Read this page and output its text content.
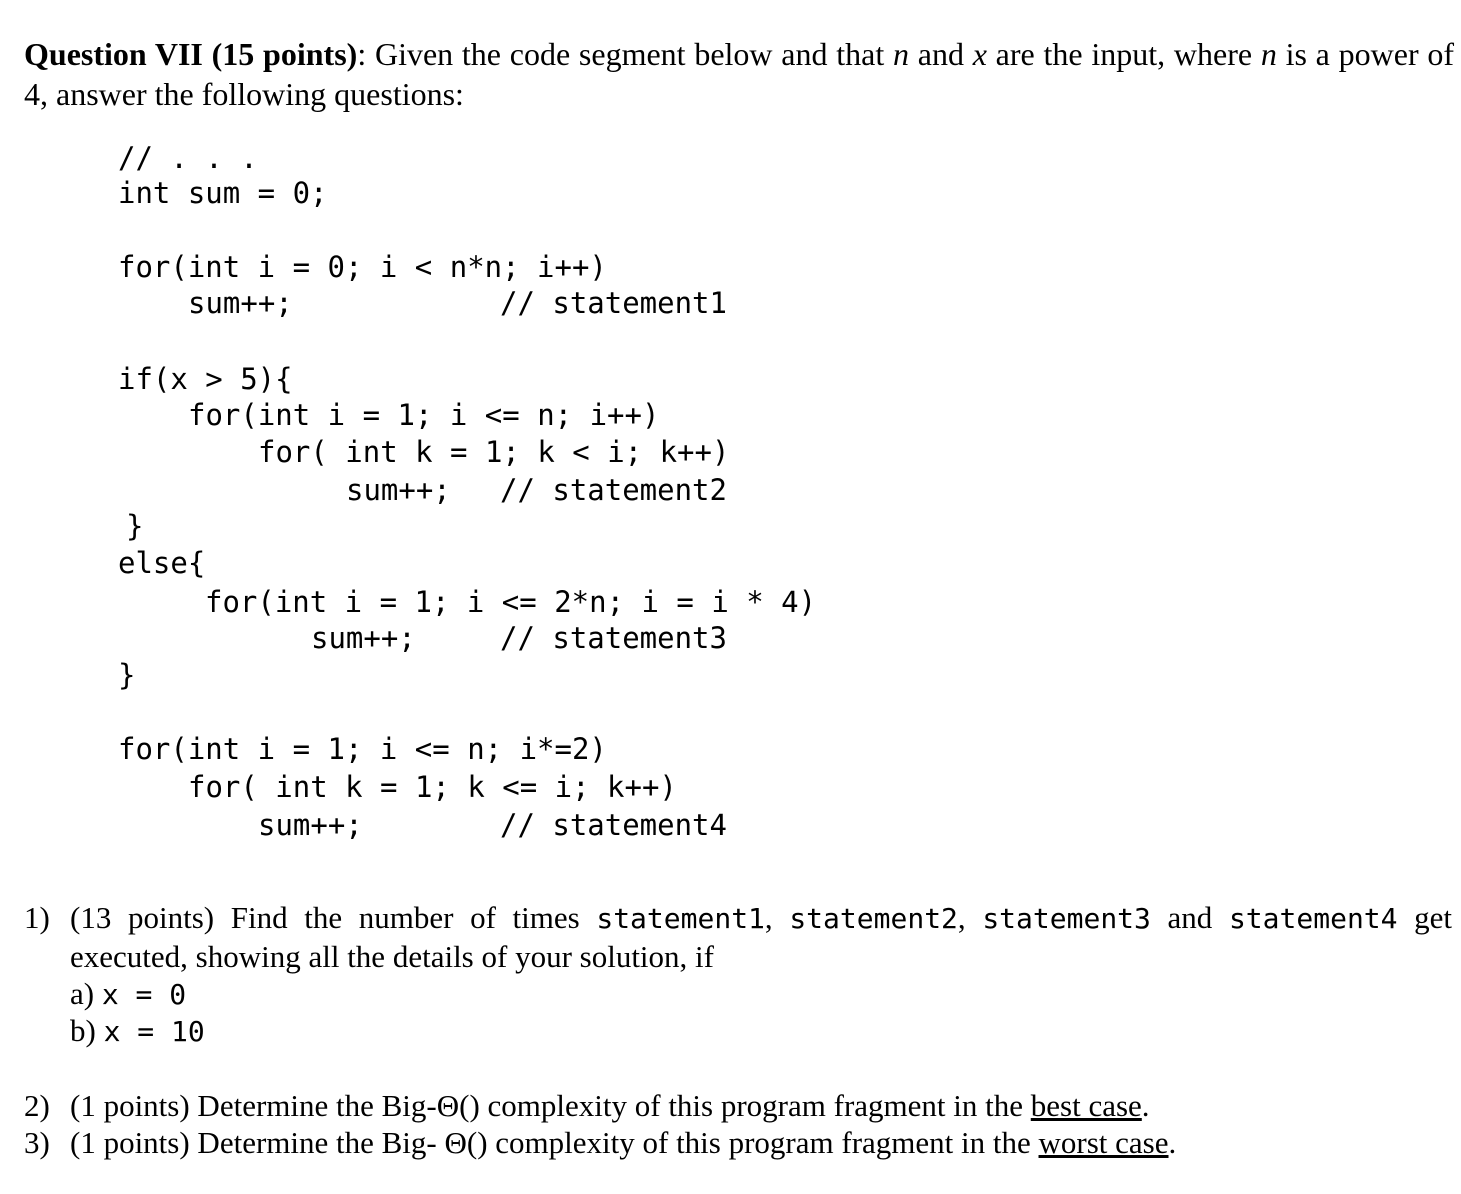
Question VII (15 points): Given the code segment below and that n and x are the input, where n is a power of 4, answer the following questions:
// . . .
int sum = 0;
for(int i = 0; i < n*n; i++)
sum++;	// statement1
if(x > 5){
for(int i = 1; i <= n; i++)
for( int k = 1; k < i; k++)
sum++; // statement2
}
else{
for(int i = 1; i <= 2*n; i = i * 4)
sum++;	// statement3
}
for(int i = 1; i <= n; i*=2)
for( int k = 1; k <= i; k++)
sum++;	// statement4
1) (13 points) Find the number of times statement1, statement2, statement3 and statement4 get executed, showing all the details of your solution, if
a) x = 0
b) x = 10
2) (1 points) Determine the Big-Θ() complexity of this program fragment in the best case.
3) (1 points) Determine the Big- Θ() complexity of this program fragment in the worst case.
